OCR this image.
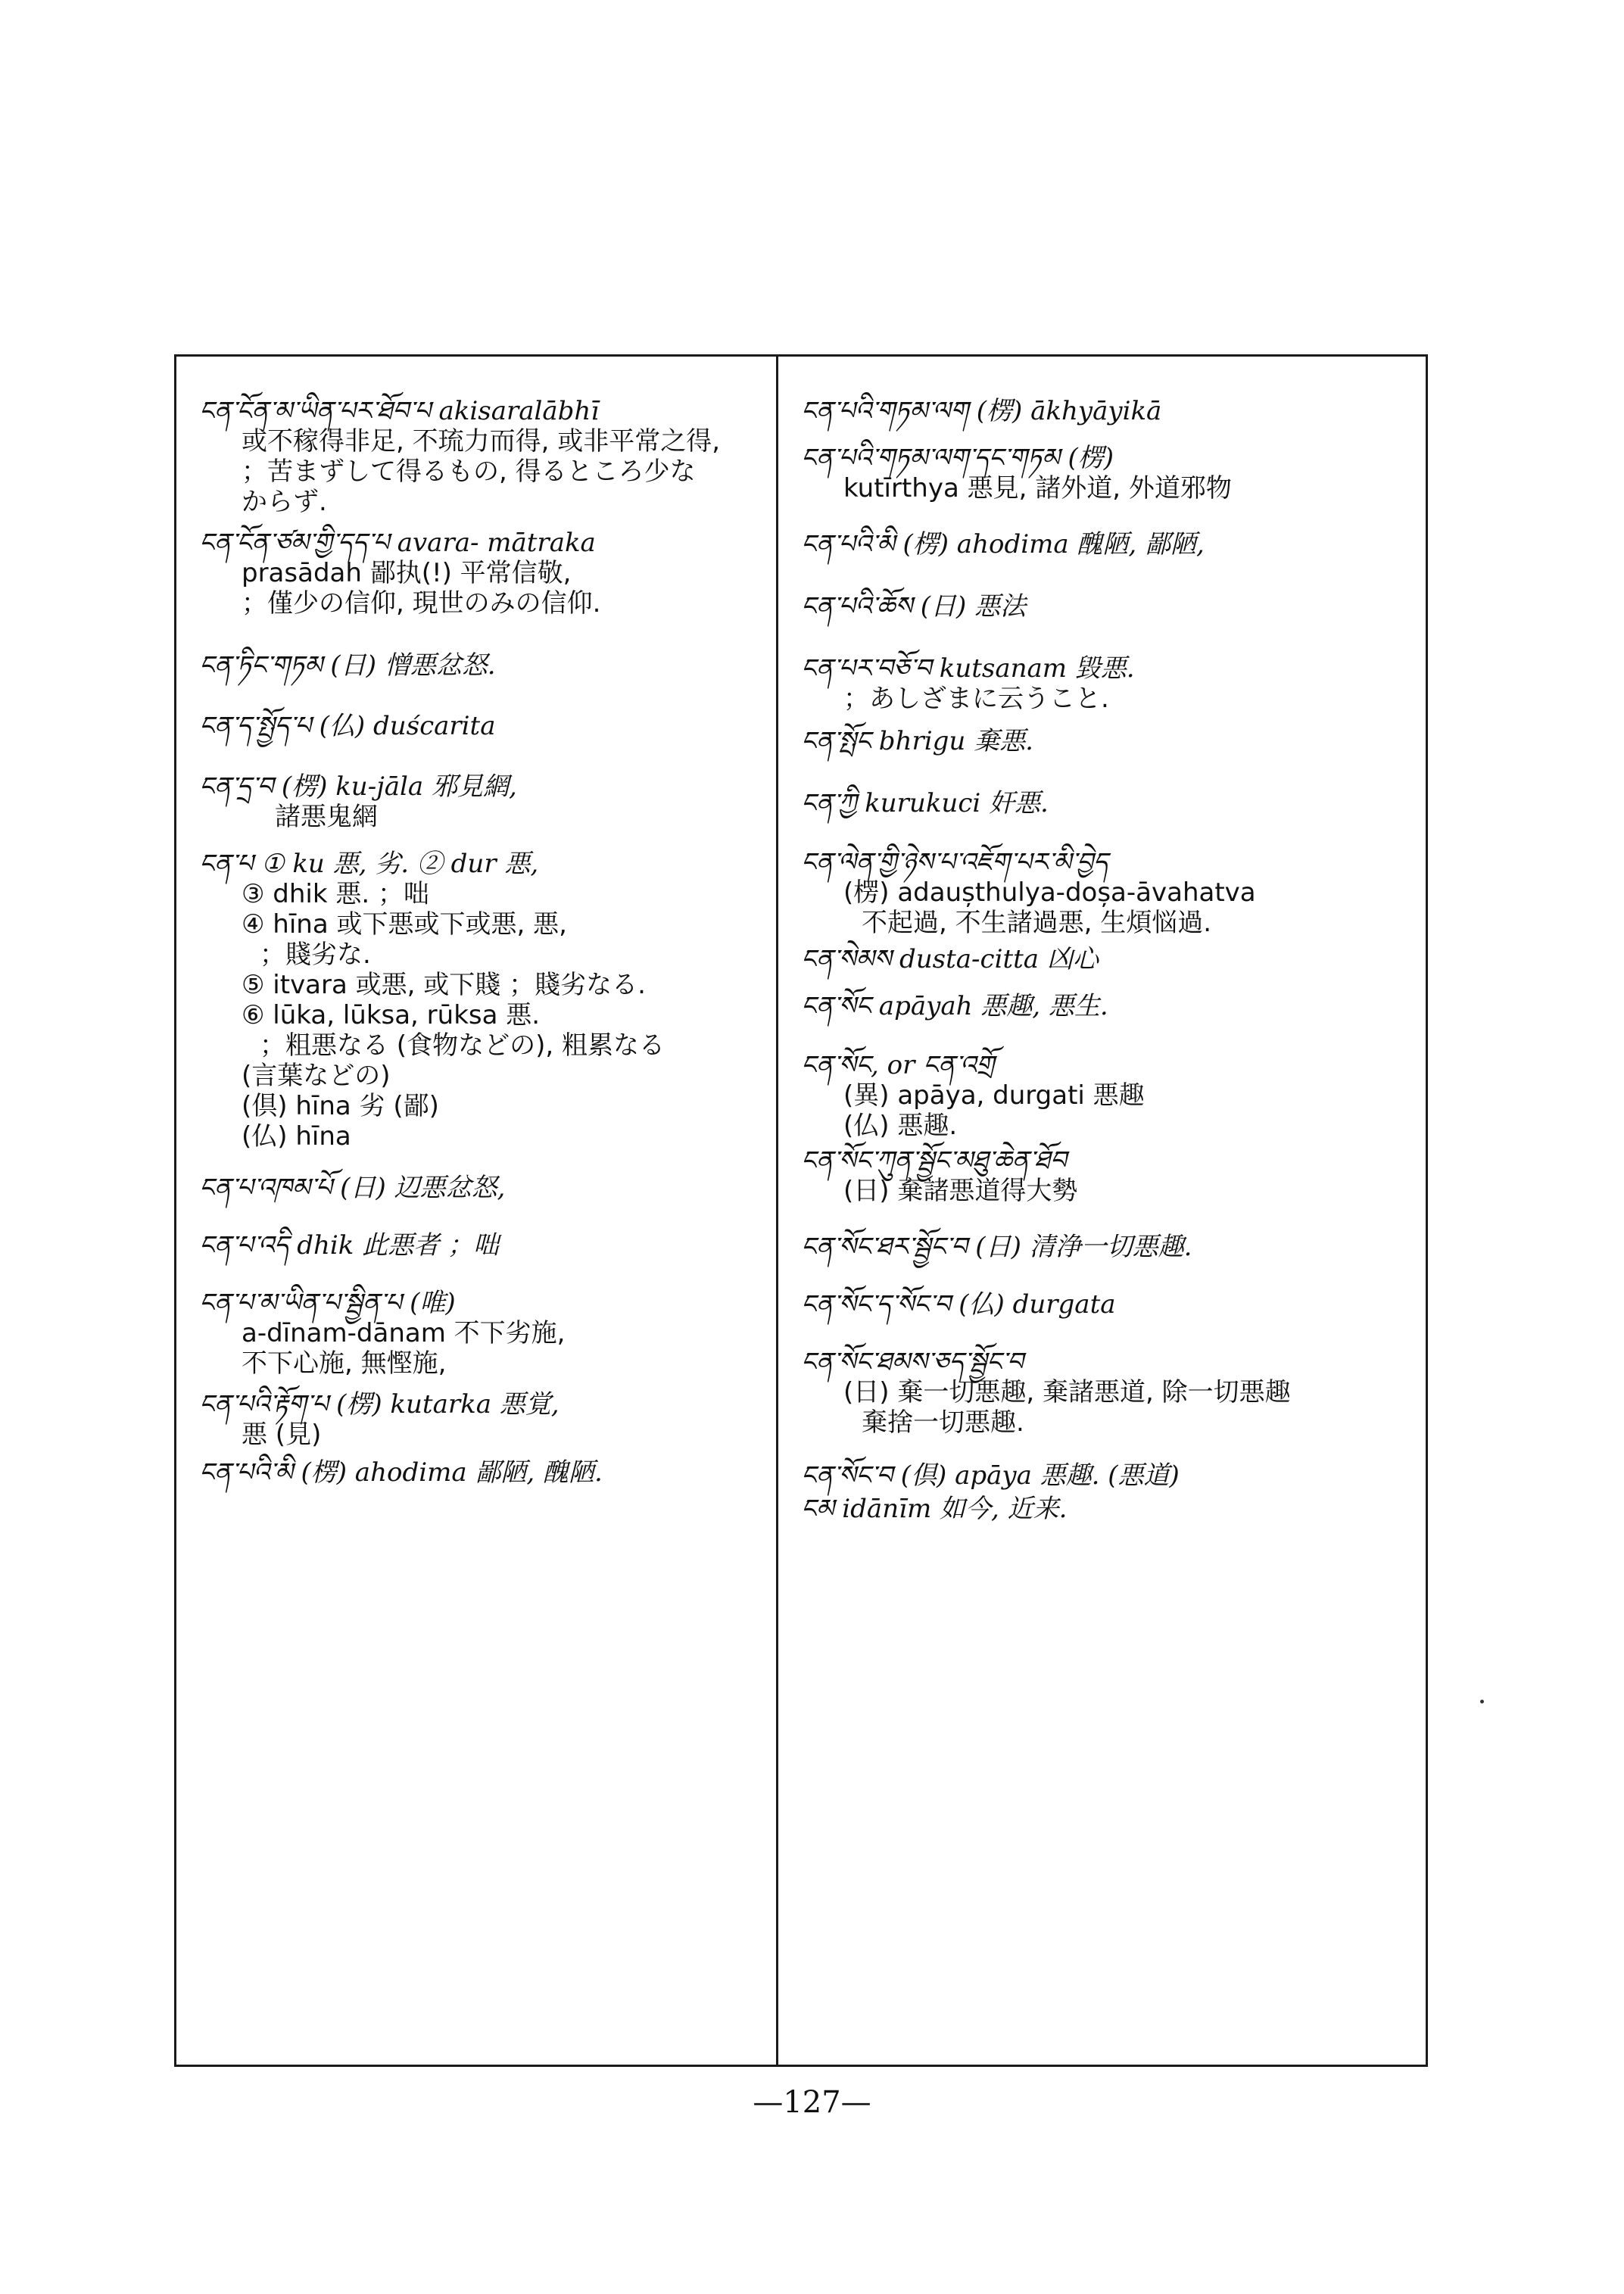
ངན་ངོན་མ་ཡིན་པར་ཐོབ་པ akisaralābhī
或不稼得非足, 不琉力而得, 或非平常之得,
；苦まずして得るもの, 得るところ少な
からず.
ངན་ངོན་ཙམ་གྱི་དད་པ avara- mātraka
prasādah 鄙执(!) 平常信敬,
；僅少の信仰, 現世のみの信仰.
ངན་ཏིང་གཏམ (日) 憎悪忿怒.
ངན་ད་སྤྱོད་པ (仏) duścarita
ངན་དྲ་བ (楞) ku-jāla 邪見網,
諸悪鬼網
ངན་པ ① ku 悪, 劣. ② dur 悪,
③ dhik 悪. ；咄
④ hīna 或下悪或下或悪, 悪,
；賤劣な.
⑤ itvara 或悪, 或下賤 ；賤劣なる.
⑥ lūka, lūksa, rūksa 悪.
；粗悪なる (食物などの), 粗累なる
(言葉などの)
(倶) hīna 劣 (鄙)
(仏) hīna
ངན་པ་འཁམ་པོ (日) 辺悪忿怒,
ངན་པ་འདི dhik 此悪者 ；咄
ངན་པ་མ་ཡིན་པ་སྦྱིན་པ (唯)
a-dīnam-dānam 不下劣施,
不下心施, 無慳施,
ངན་པའི་རྟོག་པ (楞) kutarka 悪覚,
悪 (見)
ངན་པའི་མི (楞) ahodima 鄙陋, 醜陋.
ངན་པའི་གཏམ་ལག (楞) ākhyāyikā
ངན་པའི་གཏམ་ལག་དང་གཏམ (楞)
kutīrthya 悪見, 諸外道, 外道邪物
ངན་པའི་མི (楞) ahodima 醜陋, 鄙陋,
ངན་པའི་ཆོས (日) 悪法
ངན་པར་བཅོ་བ kutsanam 毀悪.
；あしざまに云うこと.
ངན་སྤོང bhrigu 棄悪.
ངན་ཀྱི kurukuci 奸悪.
ངན་ལེན་གྱི་ཉེས་པ་འཇོག་པར་མི་བྱེད
(楞) adaușthulya-doșa-āvahatva
不起過, 不生諸過悪, 生煩悩過.
ངན་སེམས dusta-citta 凶心
ངན་སོང apāyah 悪趣, 悪生.
ངན་སོང, or ངན་འགྲོ
(異) apāya, durgati 悪趣
(仏) 悪趣.
ངན་སོང་ཀུན་སྦྱོང་མཐུ་ཆེན་ཐོབ
(日) 棄諸悪道得大勢
ངན་སོང་ཐར་སྦྱོང་བ (日) 清浄一切悪趣.
ངན་སོང་ད་སོང་བ (仏) durgata
ངན་སོང་ཐམས་ཅད་སྦྱོང་བ
(日) 棄一切悪趣, 棄諸悪道, 除一切悪趣
棄捨一切悪趣.
ངན་སོང་བ (倶) apāya 悪趣. (悪道)
ངམ idānīm 如今, 近来.
—127—
